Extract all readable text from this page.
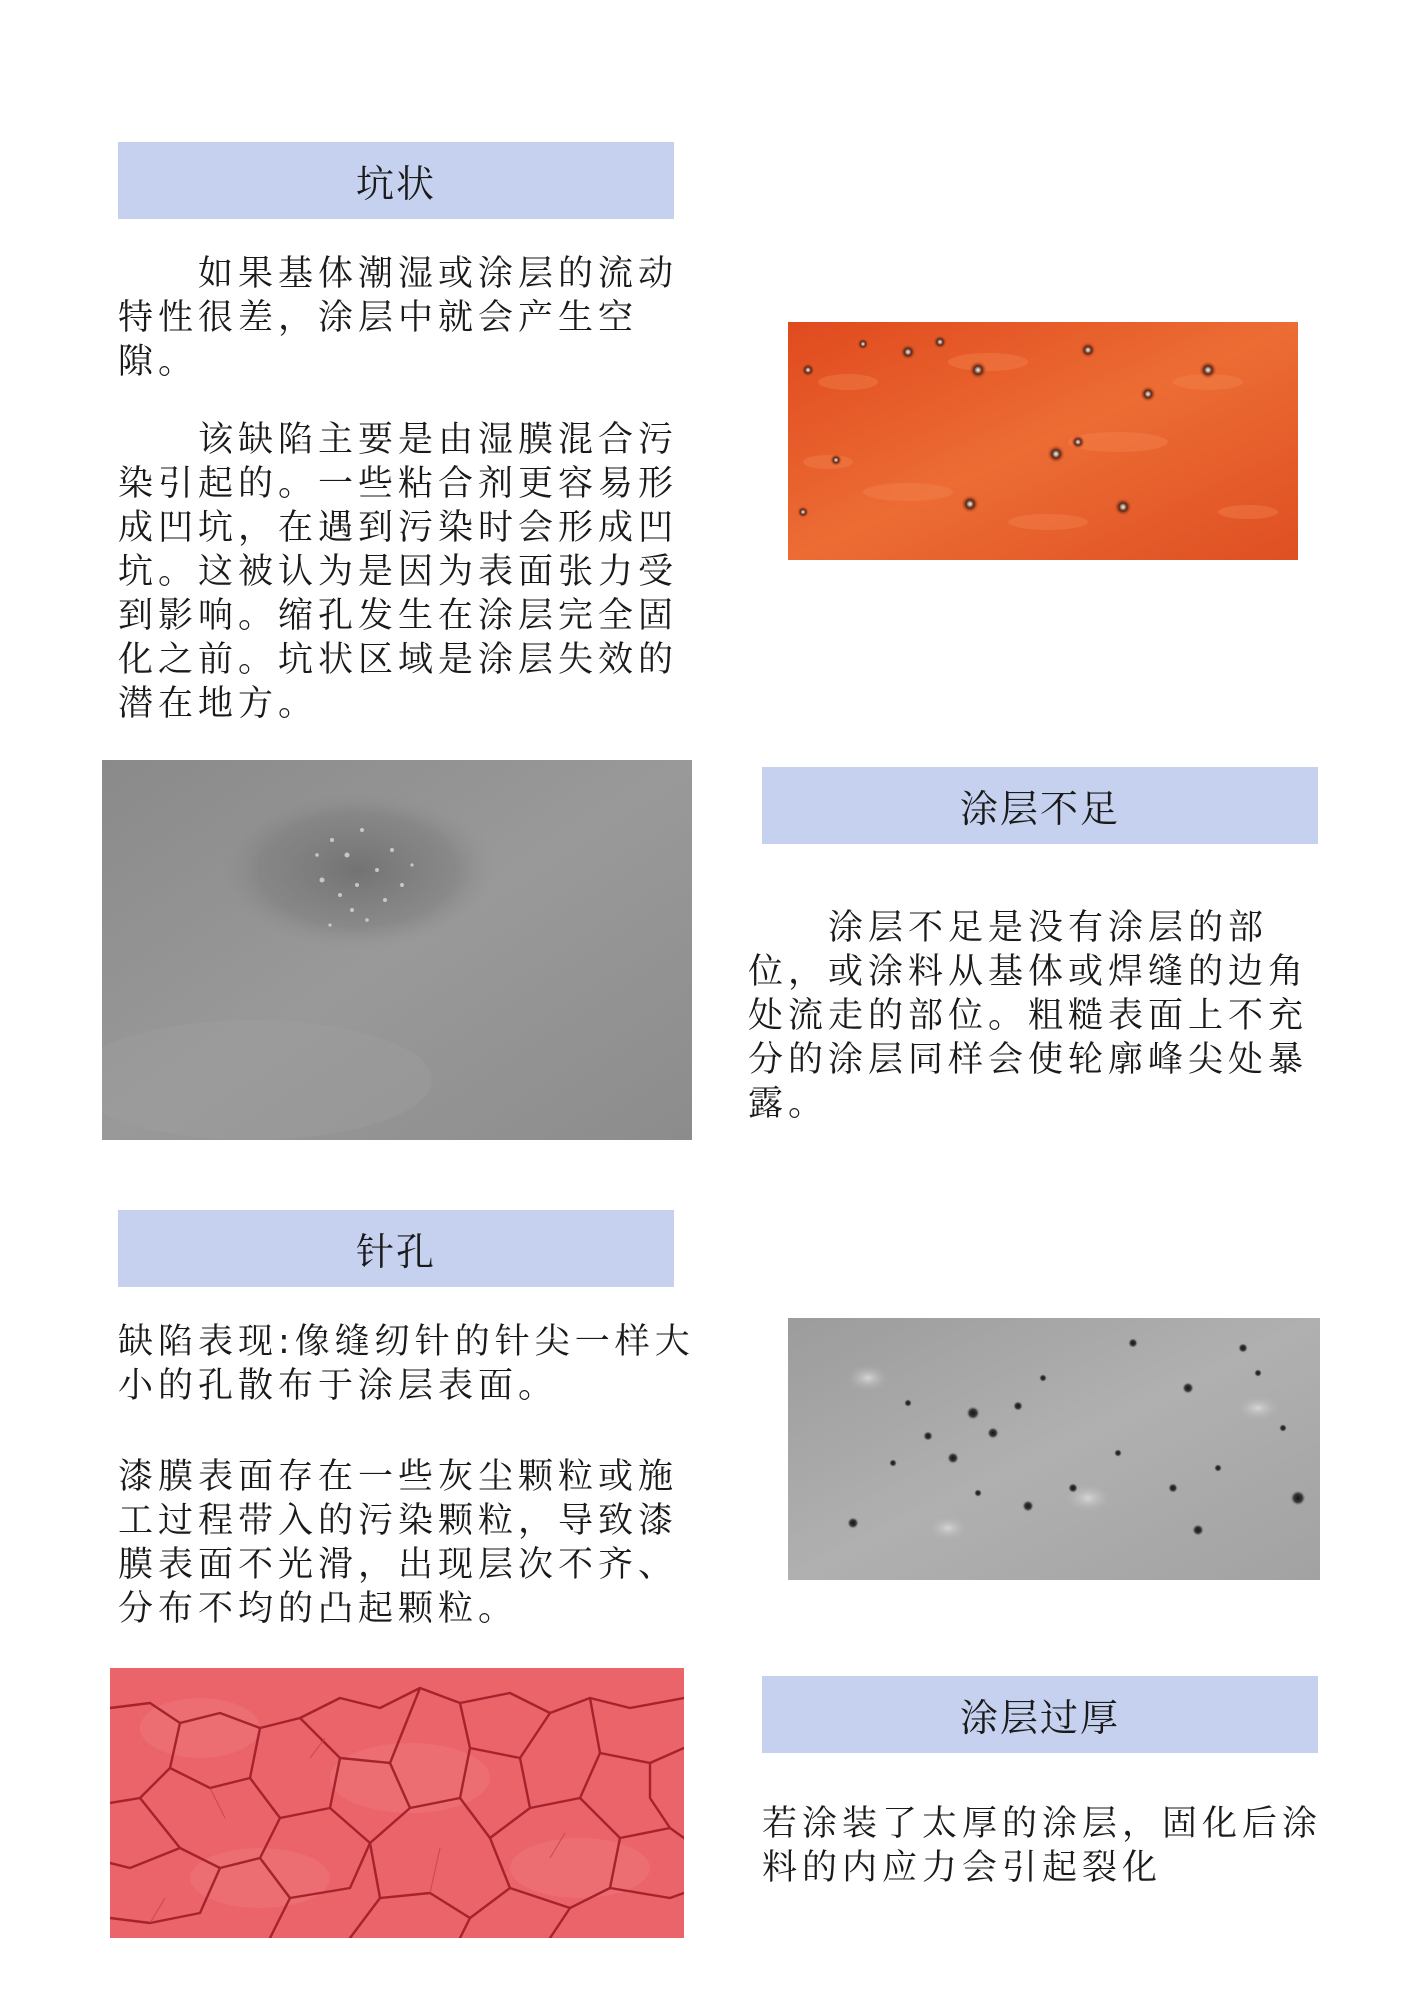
坑状

　　如果基体潮湿或涂层的流动特性很差，涂层中就会产生空隙。

　　该缺陷主要是由湿膜混合污染引起的。一些粘合剂更容易形成凹坑，在遇到污染时会形成凹坑。这被认为是因为表面张力受到影响。缩孔发生在涂层完全固化之前。坑状区域是涂层失效的潜在地方。

涂层不足

　　涂层不足是没有涂层的部位，或涂料从基体或焊缝的边角处流走的部位。粗糙表面上不充分的涂层同样会使轮廓峰尖处暴露。

针孔

缺陷表现:像缝纫针的针尖一样大小的孔散布于涂层表面。

漆膜表面存在一些灰尘颗粒或施工过程带入的污染颗粒，导致漆膜表面不光滑，出现层次不齐、分布不均的凸起颗粒。

涂层过厚

若涂装了太厚的涂层，固化后涂料的内应力会引起裂化
